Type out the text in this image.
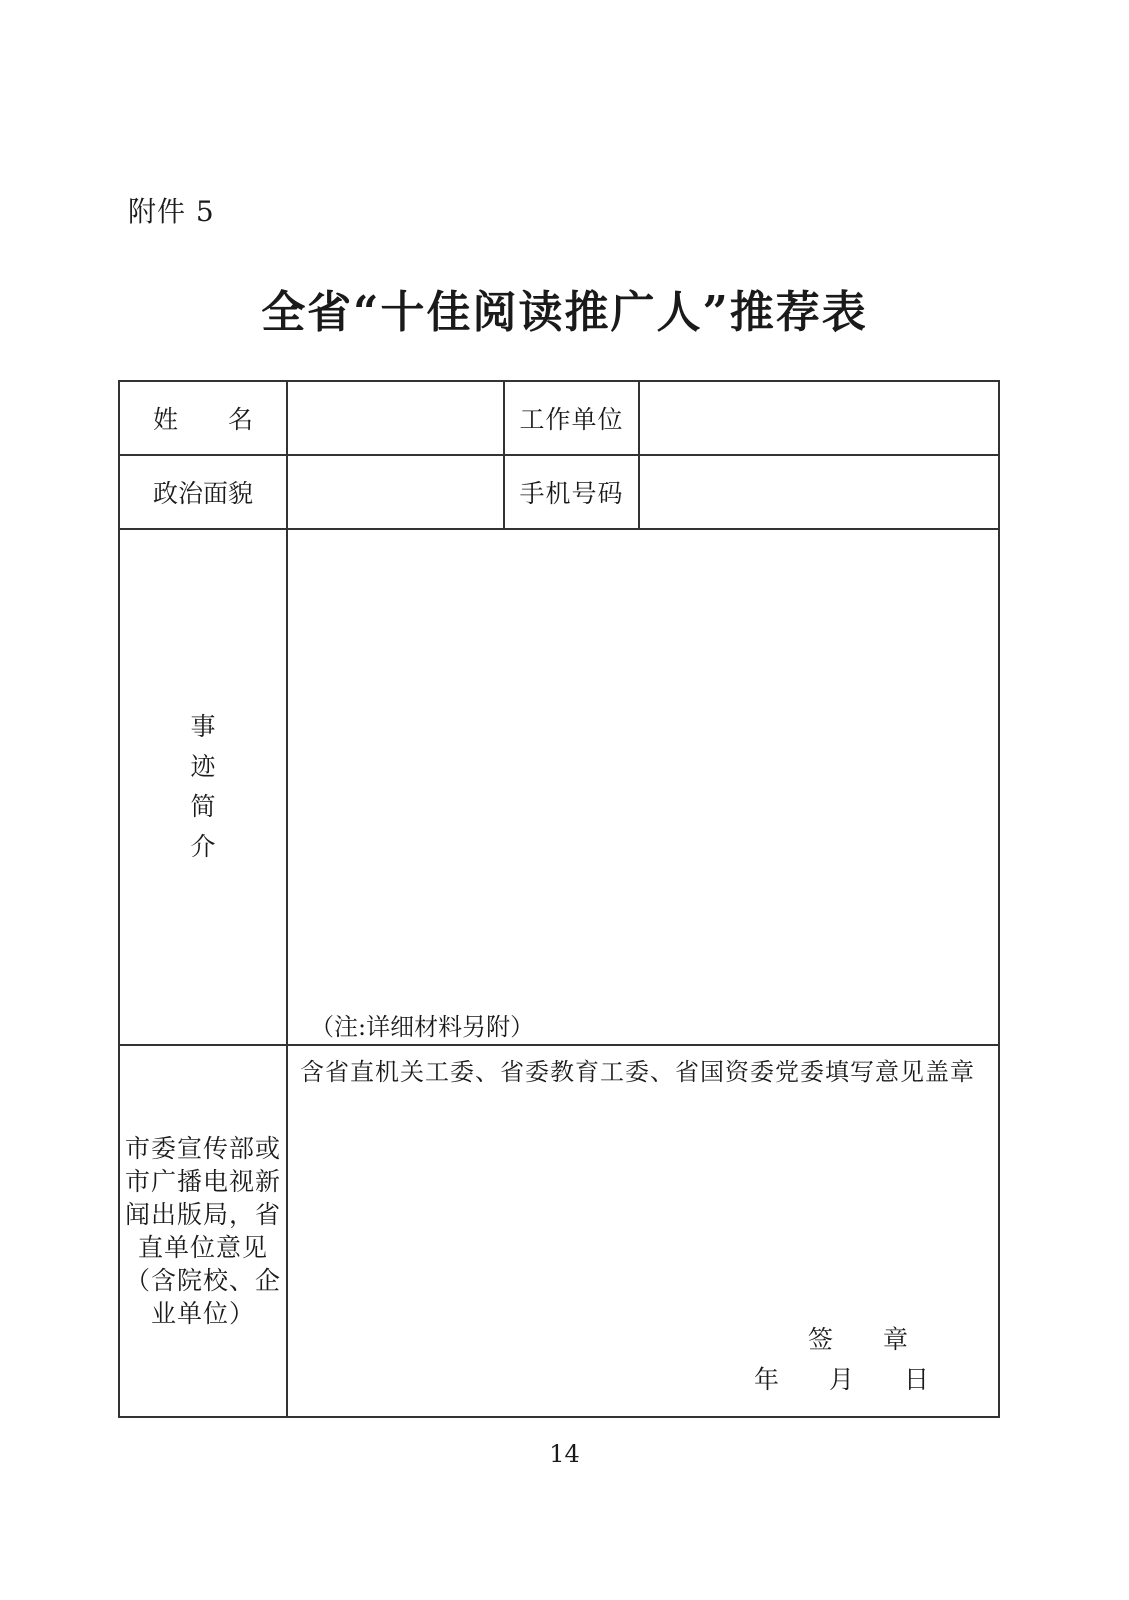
附件 5
全省“十佳阅读推广人”推荐表
姓　　名		工作单位	
政治面貌		手机号码	
事迹简介	（注:详细材料另附）		

市委宣传部或市广播电视新闻出版局，省直单位意见（含院校、企业单位）	含省直机关工委、省委教育工委、省国资委党委填写意见盖章
签　　章
年　　月　　日		
14
